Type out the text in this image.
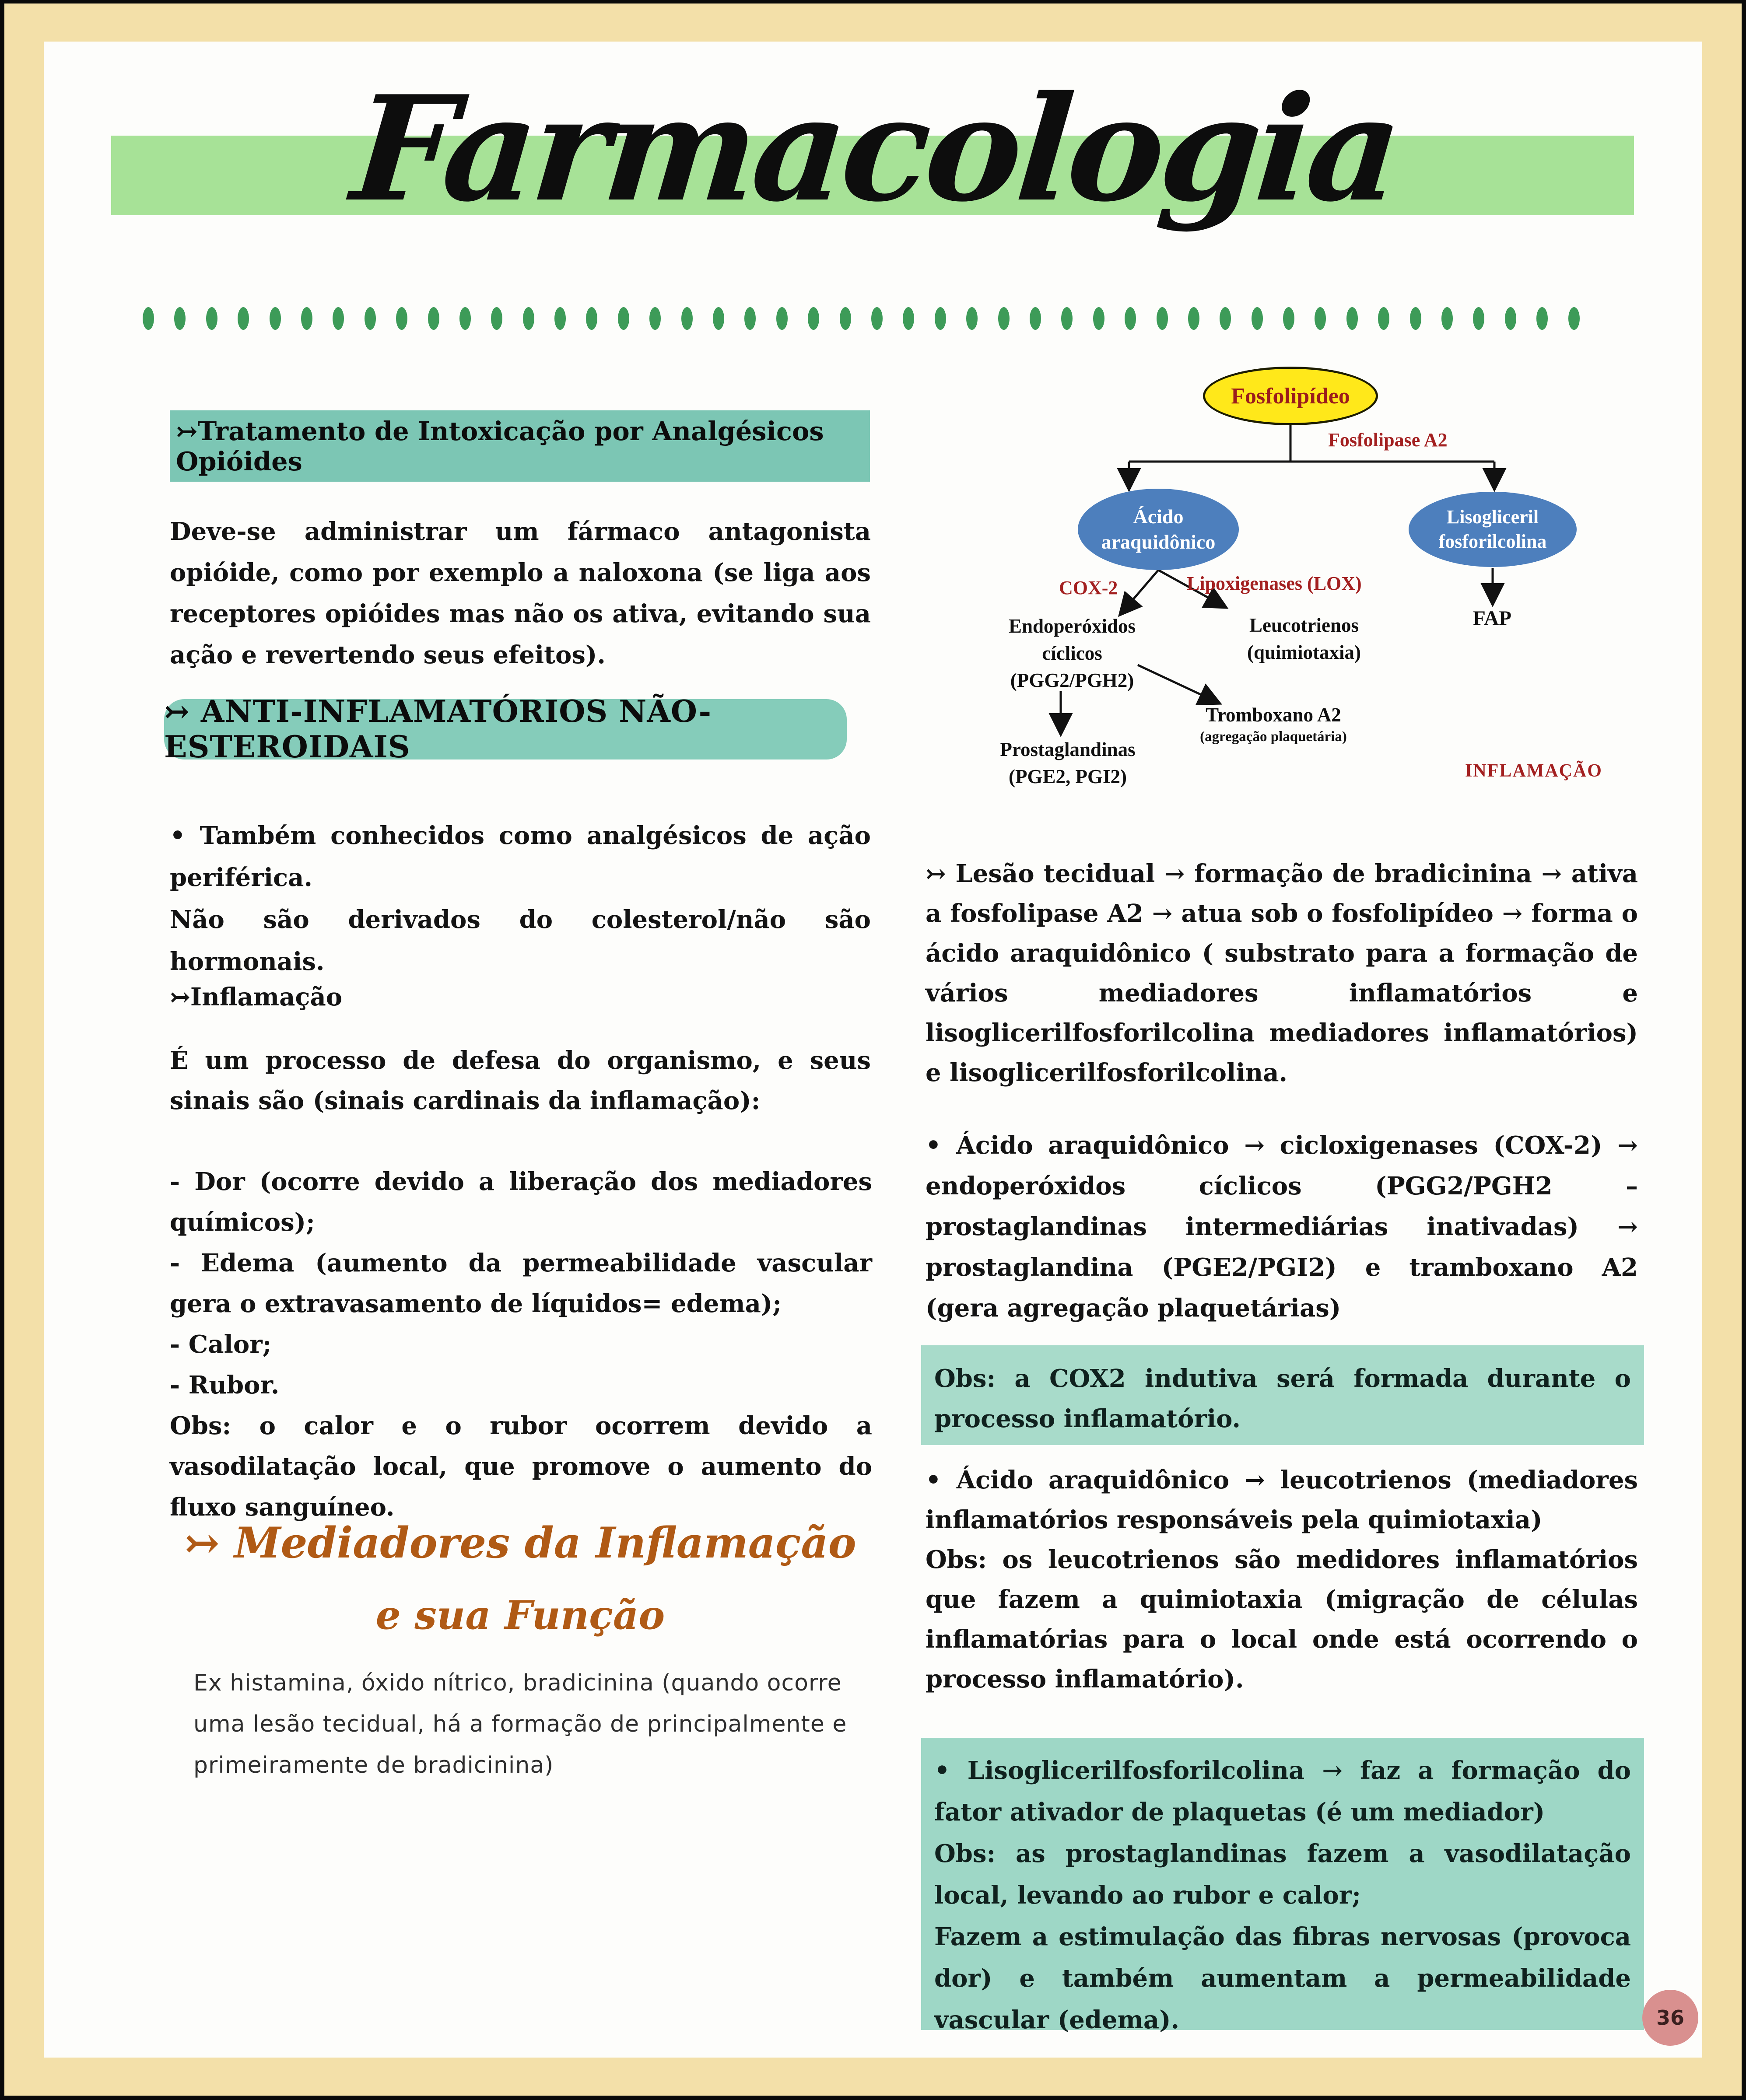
Farmacologia
↣Tratamento de Intoxicação por Analgésicos Opióides
Deve-se administrar um fármaco antagonista opióide, como por exemplo a naloxona (se liga aos receptores opióides mas não os ativa, evitando sua ação e revertendo seus efeitos).
↣ ANTI-INFLAMATÓRIOS NÃO-ESTEROIDAIS

• Também conhecidos como analgésicos de ação periférica.

Não são derivados do colesterol/não são hormonais.

↣Inflamação
É um processo de defesa do organismo, e seus sinais são (sinais cardinais da inflamação):

- Dor (ocorre devido a liberação dos mediadores químicos);

- Edema (aumento da permeabilidade vascular gera o extravasamento de líquidos= edema);

- Calor;

- Rubor.

Obs: o calor e o rubor ocorrem devido a vasodilatação local, que promove o aumento do fluxo sanguíneo.

↣ Mediadores da Inflamação
e sua Função
Ex histamina, óxido nítrico, bradicinina (quando ocorre uma lesão tecidual, há a formação de principalmente e primeiramente de bradicinina)
Fosfolipídeo
Fosfolipase A2
Ácido
araquidônico
Lisogliceril
fosforilcolina
COX-2	Lipoxigenases (LOX)

Endoperóxidos

cíclicos

(PGG2/PGH2)

Leucotrienos

(quimiotaxia)

Prostaglandinas

(PGE2, PGI2)

Tromboxano A2
(agregação plaquetária)
FAP
INFLAMAÇÃO
↣ Lesão tecidual → formação de bradicinina → ativa a fosfolipase A2 → atua sob o fosfolipídeo → forma o ácido araquidônico ( substrato para a formação de vários mediadores inflamatórios e lisoglicerilfosforilcolina mediadores inflamatórios) e lisoglicerilfosforilcolina.
• Ácido araquidônico → cicloxigenases (COX-2) → endoperóxidos cíclicos (PGG2/PGH2 – prostaglandinas intermediárias inativadas) → prostaglandina (PGE2/PGI2) e tramboxano A2 (gera agregação plaquetárias)
Obs: a COX2 indutiva será formada durante o processo inflamatório.

• Ácido araquidônico → leucotrienos (mediadores inflamatórios responsáveis pela quimiotaxia)

Obs: os leucotrienos são medidores inflamatórios que fazem a quimiotaxia (migração de células inflamatórias para o local onde está ocorrendo o processo inflamatório).

• Lisoglicerilfosforilcolina → faz a formação do fator ativador de plaquetas (é um mediador)

Obs: as prostaglandinas fazem a vasodilatação local, levando ao rubor e calor;

Fazem a estimulação das fibras nervosas (provoca dor) e também aumentam a permeabilidade vascular (edema).	36
